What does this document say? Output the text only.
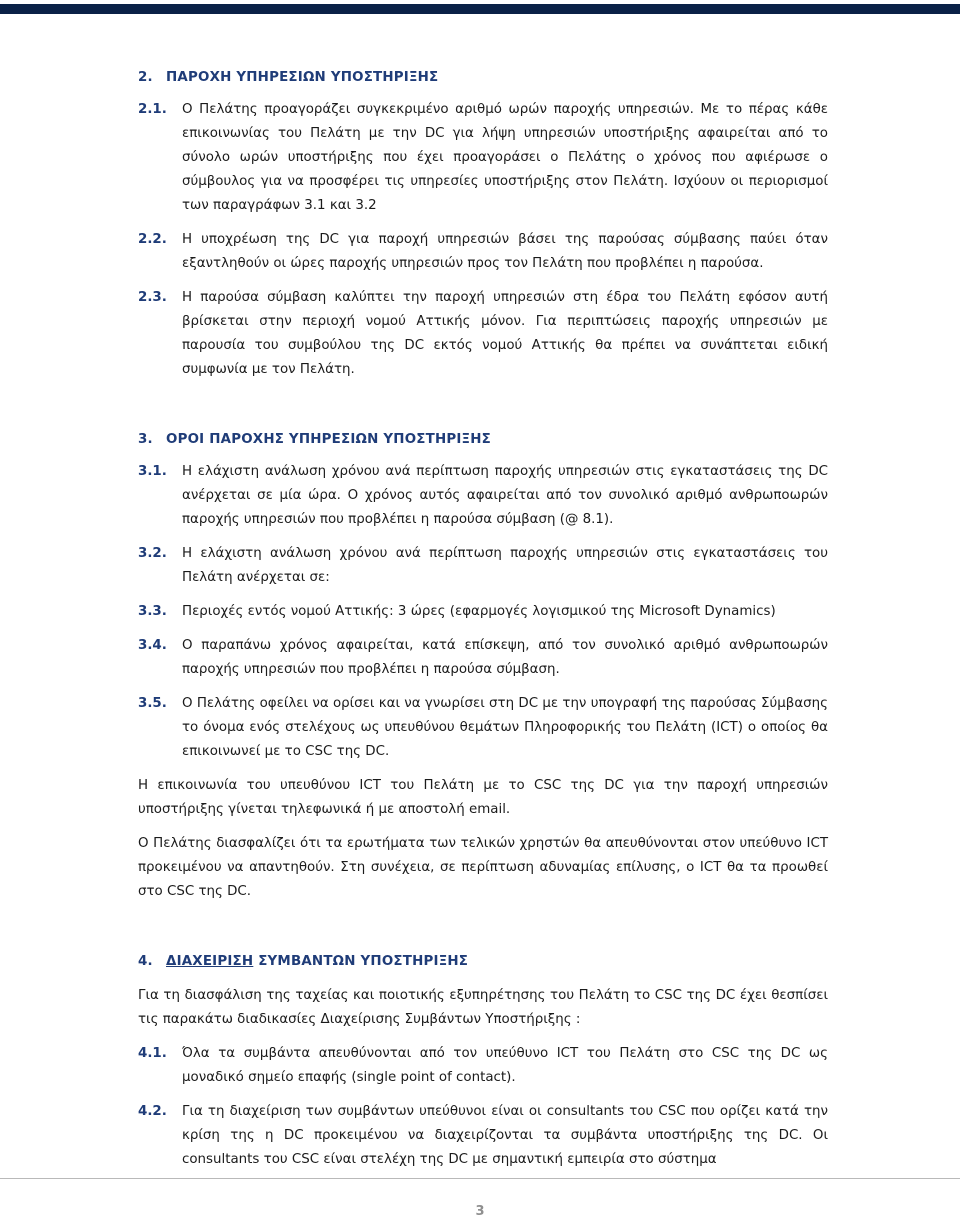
2. ΠΑΡΟΧΗ ΥΠΗΡΕΣΙΩΝ ΥΠΟΣΤΗΡΙΞΗΣ
2.1. Ο Πελάτης προαγοράζει συγκεκριμένο αριθμό ωρών παροχής υπηρεσιών. Με το πέρας κάθε επικοινωνίας του Πελάτη με την DC για λήψη υπηρεσιών υποστήριξης αφαιρείται από το σύνολο ωρών υποστήριξης που έχει προαγοράσει ο Πελάτης ο χρόνος που αφιέρωσε ο σύμβουλος για να προσφέρει τις υπηρεσίες υποστήριξης στον Πελάτη. Ισχύουν οι περιορισμοί των παραγράφων 3.1 και 3.2
2.2. Η υποχρέωση της DC για παροχή υπηρεσιών βάσει της παρούσας σύμβασης παύει όταν εξαντληθούν οι ώρες παροχής υπηρεσιών προς τον Πελάτη που προβλέπει η παρούσα.
2.3. Η παρούσα σύμβαση καλύπτει την παροχή υπηρεσιών στη έδρα του Πελάτη εφόσον αυτή βρίσκεται στην περιοχή νομού Αττικής μόνον. Για περιπτώσεις παροχής υπηρεσιών με παρουσία του συμβούλου της DC εκτός νομού Αττικής θα πρέπει να συνάπτεται ειδική συμφωνία με τον Πελάτη.
3. ΟΡΟΙ ΠΑΡΟΧΗΣ ΥΠΗΡΕΣΙΩΝ ΥΠΟΣΤΗΡΙΞΗΣ
3.1. Η ελάχιστη ανάλωση χρόνου ανά περίπτωση παροχής υπηρεσιών στις εγκαταστάσεις της DC ανέρχεται σε μία ώρα. Ο χρόνος αυτός αφαιρείται από τον συνολικό αριθμό ανθρωποωρών παροχής υπηρεσιών που προβλέπει η παρούσα σύμβαση (@ 8.1).
3.2. Η ελάχιστη ανάλωση χρόνου ανά περίπτωση παροχής υπηρεσιών στις εγκαταστάσεις του Πελάτη ανέρχεται σε:
3.3. Περιοχές εντός νομού Αττικής: 3 ώρες (εφαρμογές λογισμικού της Microsoft Dynamics)
3.4. Ο παραπάνω χρόνος αφαιρείται, κατά επίσκεψη, από τον συνολικό αριθμό ανθρωποωρών παροχής υπηρεσιών που προβλέπει η παρούσα σύμβαση.
3.5. Ο Πελάτης οφείλει να ορίσει και να γνωρίσει στη DC με την υπογραφή της παρούσας Σύμβασης το όνομα ενός στελέχους ως υπευθύνου θεμάτων Πληροφορικής του Πελάτη (ICT) ο οποίος θα επικοινωνεί με το CSC της DC.
Η επικοινωνία του υπευθύνου ICT του Πελάτη με το CSC της DC για την παροχή υπηρεσιών υποστήριξης γίνεται τηλεφωνικά ή με αποστολή email.
Ο Πελάτης διασφαλίζει ότι τα ερωτήματα των τελικών χρηστών θα απευθύνονται στον υπεύθυνο ICT προκειμένου να απαντηθούν. Στη συνέχεια, σε περίπτωση αδυναμίας επίλυσης, ο ICT θα τα προωθεί στο CSC της DC.
4. ΔΙΑΧΕΙΡΙΣΗ ΣΥΜΒΑΝΤΩΝ ΥΠΟΣΤΗΡΙΞΗΣ
Για τη διασφάλιση της ταχείας και ποιοτικής εξυπηρέτησης του Πελάτη το CSC της DC έχει θεσπίσει τις παρακάτω διαδικασίες Διαχείρισης Συμβάντων Υποστήριξης :
4.1. Όλα τα συμβάντα απευθύνονται από τον υπεύθυνο ICT του Πελάτη στο CSC της DC ως μοναδικό σημείο επαφής (single point of contact).
4.2. Για τη διαχείριση των συμβάντων υπεύθυνοι είναι οι consultants του CSC που ορίζει κατά την κρίση της η DC προκειμένου να διαχειρίζονται τα συμβάντα υποστήριξης της DC. Οι consultants του CSC είναι στελέχη της DC με σημαντική εμπειρία στο σύστημα
3
